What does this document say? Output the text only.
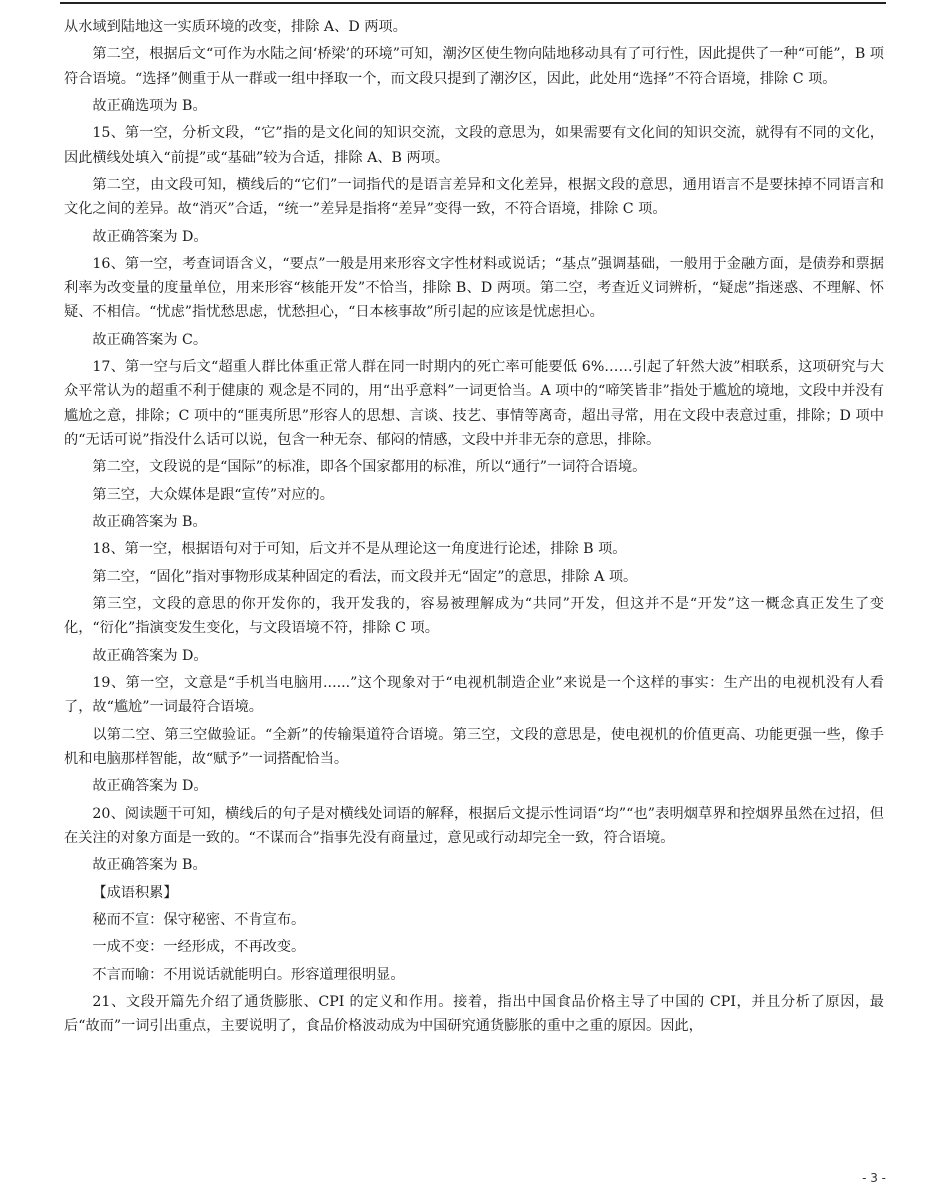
从水域到陆地这一实质环境的改变，排除 A、D 两项。

第二空，根据后文“可作为水陆之间‘桥梁’的环境”可知，潮汐区使生物向陆地移动具有了可行性，因此提供了一种“可能”，B 项符合语境。“选择”侧重于从一群或一组中择取一个，而文段只提到了潮汐区，因此，此处用“选择”不符合语境，排除 C 项。

故正确选项为 B。

15、第一空，分析文段，“它”指的是文化间的知识交流，文段的意思为，如果需要有文化间的知识交流，就得有不同的文化，因此横线处填入“前提”或“基础”较为合适，排除 A、B 两项。

第二空，由文段可知，横线后的“它们”一词指代的是语言差异和文化差异，根据文段的意思，通用语言不是要抹掉不同语言和文化之间的差异。故“消灭”合适，“统一”差异是指将“差异”变得一致，不符合语境，排除 C 项。

故正确答案为 D。

16、第一空，考查词语含义，“要点”一般是用来形容文字性材料或说话；“基点”强调基础，一般用于金融方面，是债券和票据利率为改变量的度量单位，用来形容“核能开发”不恰当，排除 B、D 两项。第二空，考查近义词辨析，“疑虑”指迷惑、不理解、怀疑、不相信。“忧虑”指忧愁思虑，忧愁担心，“日本核事故”所引起的应该是忧虑担心。

故正确答案为 C。

17、第一空与后文“超重人群比体重正常人群在同一时期内的死亡率可能要低 6%……引起了轩然大波”相联系，这项研究与大众平常认为的超重不利于健康的 观念是不同的，用“出乎意料”一词更恰当。A 项中的“啼笑皆非”指处于尴尬的境地，文段中并没有尴尬之意，排除；C 项中的“匪夷所思”形容人的思想、言谈、技艺、事情等离奇，超出寻常，用在文段中表意过重，排除；D 项中的“无话可说”指没什么话可以说，包含一种无奈、郁闷的情感，文段中并非无奈的意思，排除。

第二空，文段说的是“国际”的标准，即各个国家都用的标准，所以“通行”一词符合语境。

第三空，大众媒体是跟“宣传”对应的。

故正确答案为 B。

18、第一空，根据语句对于可知，后文并不是从理论这一角度进行论述，排除 B 项。

第二空，“固化”指对事物形成某种固定的看法，而文段并无“固定”的意思，排除 A 项。

第三空，文段的意思的你开发你的，我开发我的，容易被理解成为“共同”开发，但这并不是“开发”这一概念真正发生了变化，“衍化”指演变发生变化，与文段语境不符，排除 C 项。

故正确答案为 D。

19、第一空，文意是“手机当电脑用......”这个现象对于“电视机制造企业”来说是一个这样的事实：生产出的电视机没有人看了，故“尴尬”一词最符合语境。

以第二空、第三空做验证。“全新”的传输渠道符合语境。第三空，文段的意思是，使电视机的价值更高、功能更强一些，像手机和电脑那样智能，故“赋予”一词搭配恰当。

故正确答案为 D。

20、阅读题干可知，横线后的句子是对横线处词语的解释，根据后文提示性词语“均”“也”表明烟草界和控烟界虽然在过招，但在关注的对象方面是一致的。“不谋而合”指事先没有商量过，意见或行动却完全一致，符合语境。

故正确答案为 B。

【成语积累】

秘而不宣：保守秘密、不肯宣布。

一成不变：一经形成，不再改变。

不言而喻：不用说话就能明白。形容道理很明显。

21、文段开篇先介绍了通货膨胀、CPI 的定义和作用。接着，指出中国食品价格主导了中国的 CPI，并且分析了原因，最后“故而”一词引出重点，主要说明了，食品价格波动成为中国研究通货膨胀的重中之重的原因。因此，

- 3 -
